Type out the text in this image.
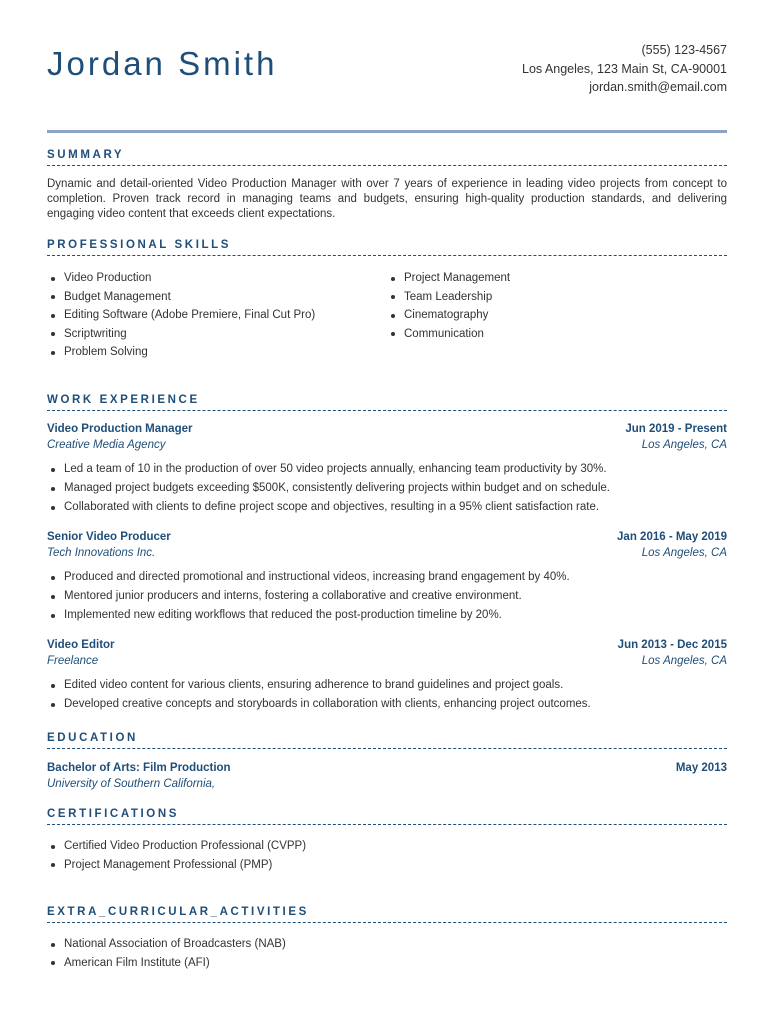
Jordan Smith	(555) 123-4567
Los Angeles, 123 Main St, CA-90001
jordan.smith@email.com
SUMMARY

Dynamic and detail-oriented Video Production Manager with over 7 years of experience in leading video projects from concept to completion. Proven track record in managing teams and budgets, ensuring high-quality production standards, and delivering engaging video content that exceeds client expectations.

PROFESSIONAL SKILLS
Video Production
Budget Management
Editing Software (Adobe Premiere, Final Cut Pro)
Scriptwriting
Problem Solving
Project Management
Team Leadership
Cinematography
Communication
WORK EXPERIENCE
Video Production Manager	Jun 2019 - Present
Creative Media Agency	Los Angeles, CA
Led a team of 10 in the production of over 50 video projects annually, enhancing team productivity by 30%.
Managed project budgets exceeding $500K, consistently delivering projects within budget and on schedule.
Collaborated with clients to define project scope and objectives, resulting in a 95% client satisfaction rate.
Senior Video Producer	Jan 2016 - May 2019
Tech Innovations Inc.	Los Angeles, CA
Produced and directed promotional and instructional videos, increasing brand engagement by 40%.
Mentored junior producers and interns, fostering a collaborative and creative environment.
Implemented new editing workflows that reduced the post-production timeline by 20%.
Video Editor	Jun 2013 - Dec 2015
Freelance	Los Angeles, CA
Edited video content for various clients, ensuring adherence to brand guidelines and project goals.
Developed creative concepts and storyboards in collaboration with clients, enhancing project outcomes.
EDUCATION
Bachelor of Arts: Film Production	May 2013
University of Southern California,
CERTIFICATIONS
Certified Video Production Professional (CVPP)
Project Management Professional (PMP)
EXTRA_CURRICULAR_ACTIVITIES
National Association of Broadcasters (NAB)
American Film Institute (AFI)
